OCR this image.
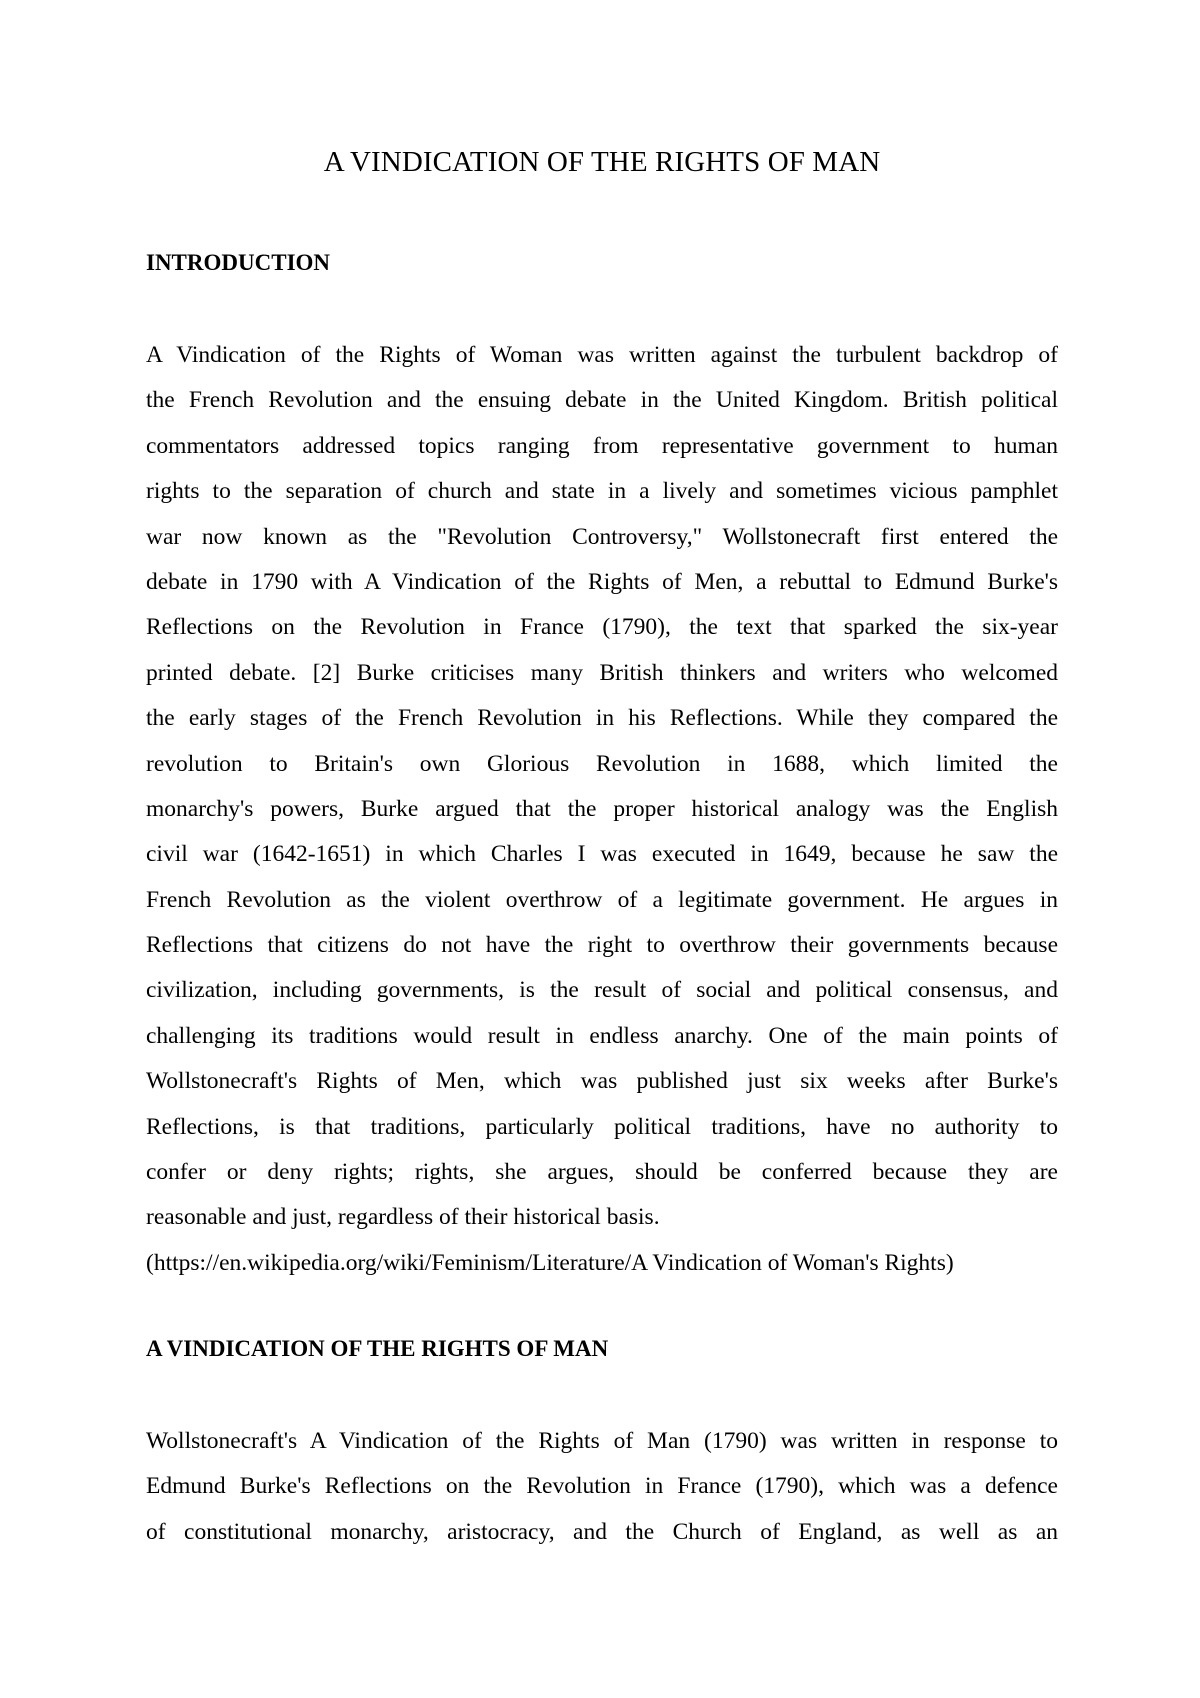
A VINDICATION OF THE RIGHTS OF MAN
INTRODUCTION

A Vindication of the Rights of Woman was written against the turbulent backdrop of
the French Revolution and the ensuing debate in the United Kingdom. British political
commentators addressed topics ranging from representative government to human
rights to the separation of church and state in a lively and sometimes vicious pamphlet
war now known as the "Revolution Controversy," Wollstonecraft first entered the
debate in 1790 with A Vindication of the Rights of Men, a rebuttal to Edmund Burke's
Reflections on the Revolution in France (1790), the text that sparked the six-year
printed debate. [2] Burke criticises many British thinkers and writers who welcomed
the early stages of the French Revolution in his Reflections. While they compared the
revolution to Britain's own Glorious Revolution in 1688, which limited the
monarchy's powers, Burke argued that the proper historical analogy was the English
civil war (1642-1651) in which Charles I was executed in 1649, because he saw the
French Revolution as the violent overthrow of a legitimate government. He argues in
Reflections that citizens do not have the right to overthrow their governments because
civilization, including governments, is the result of social and political consensus, and
challenging its traditions would result in endless anarchy. One of the main points of
Wollstonecraft's Rights of Men, which was published just six weeks after Burke's
Reflections, is that traditions, particularly political traditions, have no authority to
confer or deny rights; rights, she argues, should be conferred because they are
reasonable and just, regardless of their historical basis.
(https://en.wikipedia.org/wiki/Feminism/Literature/A Vindication of Woman's Rights)

A VINDICATION OF THE RIGHTS OF MAN

Wollstonecraft's A Vindication of the Rights of Man (1790) was written in response to
Edmund Burke's Reflections on the Revolution in France (1790), which was a defence
of constitutional monarchy, aristocracy, and the Church of England, as well as an
